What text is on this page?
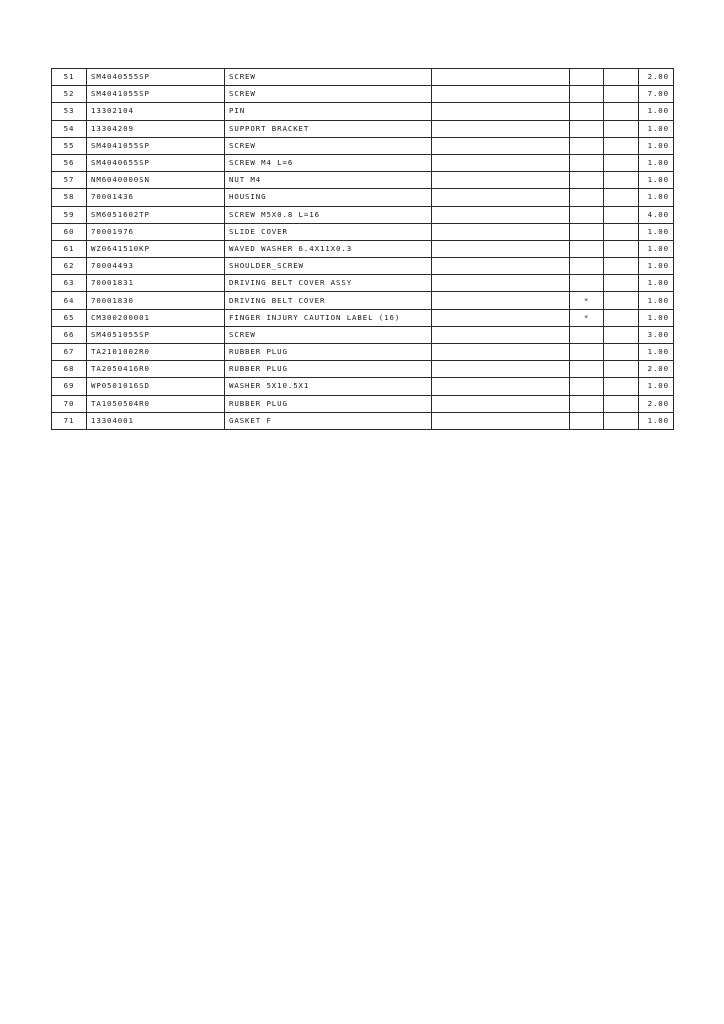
51	SM4040555SP	SCREW				2.00
52	SM4041055SP	SCREW				7.00
53	13302104	PIN				1.00
54	13304209	SUPPORT BRACKET				1.00
55	SM4041055SP	SCREW				1.00
56	SM4040655SP	SCREW M4 L=6				1.00
57	NM6040000SN	NUT M4				1.00
58	70001436	HOUSING				1.00
59	SM6051602TP	SCREW M5X0.8 L=16				4.00
60	70001976	SLIDE COVER				1.00
61	WZ0641510KP	WAVED WASHER 6.4X11X0.3				1.00
62	70004493	SHOULDER_SCREW				1.00
63	70001831	DRIVING BELT COVER ASSY				1.00
64	70001830	DRIVING BELT COVER		*		1.00
65	CM300200001	FINGER INJURY CAUTION LABEL (16)		*		1.00
66	SM4051055SP	SCREW				3.00
67	TA2101002R0	RUBBER PLUG				1.00
68	TA2050416R0	RUBBER PLUG				2.00
69	WP0501016SD	WASHER 5X10.5X1				1.00
70	TA1050504R0	RUBBER PLUG				2.00
71	13304001	GASKET F				1.00
